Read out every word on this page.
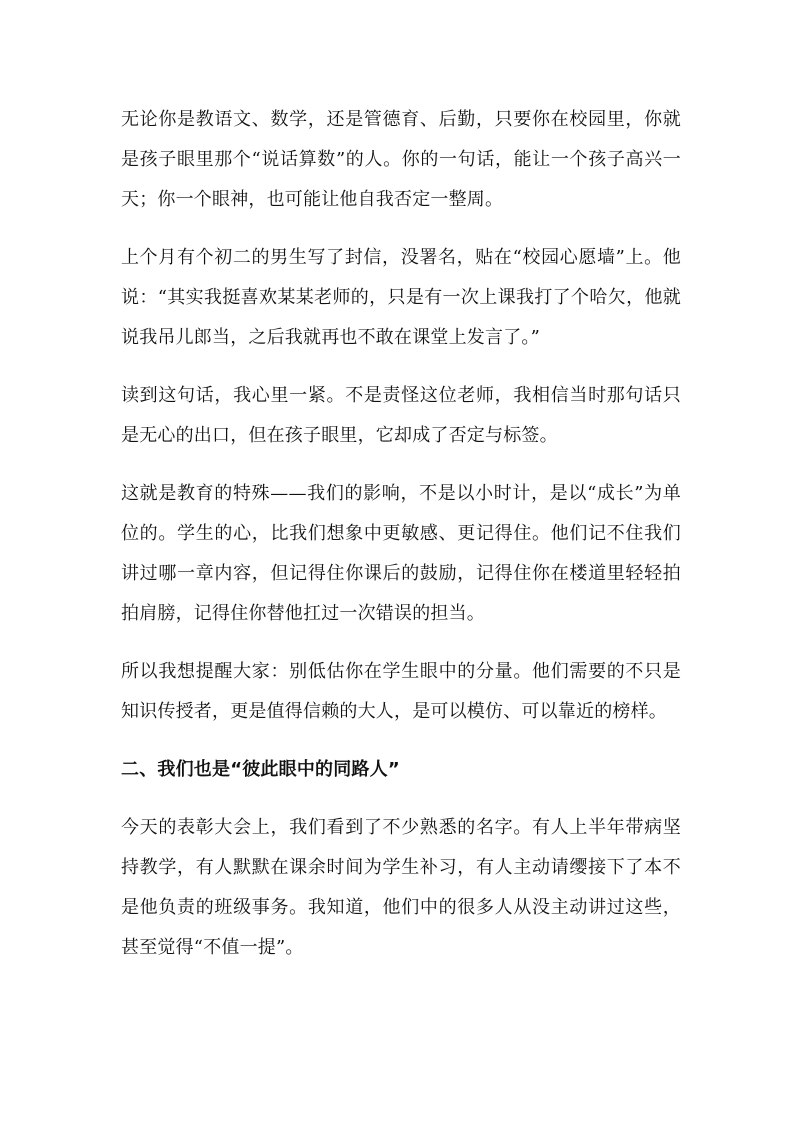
无论你是教语文、数学，还是管德育、后勤，只要你在校园里，你就是孩子眼里那个“说话算数”的人。你的一句话，能让一个孩子高兴一天；你一个眼神，也可能让他自我否定一整周。

上个月有个初二的男生写了封信，没署名，贴在“校园心愿墙”上。他说：“其实我挺喜欢某某老师的，只是有一次上课我打了个哈欠，他就说我吊儿郎当，之后我就再也不敢在课堂上发言了。”

读到这句话，我心里一紧。不是责怪这位老师，我相信当时那句话只是无心的出口，但在孩子眼里，它却成了否定与标签。

这就是教育的特殊——我们的影响，不是以小时计，是以“成长”为单位的。学生的心，比我们想象中更敏感、更记得住。他们记不住我们讲过哪一章内容，但记得住你课后的鼓励，记得住你在楼道里轻轻拍拍肩膀，记得住你替他扛过一次错误的担当。

所以我想提醒大家：别低估你在学生眼中的分量。他们需要的不只是知识传授者，更是值得信赖的大人，是可以模仿、可以靠近的榜样。

二、我们也是“彼此眼中的同路人”

今天的表彰大会上，我们看到了不少熟悉的名字。有人上半年带病坚持教学，有人默默在课余时间为学生补习，有人主动请缨接下了本不是他负责的班级事务。我知道，他们中的很多人从没主动讲过这些，甚至觉得“不值一提”。
